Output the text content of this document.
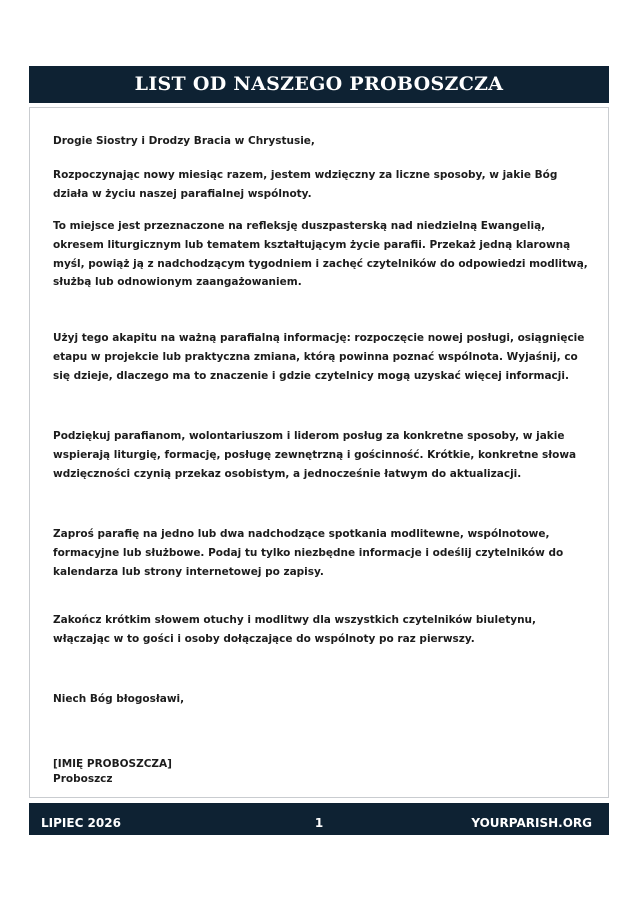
LIST OD NASZEGO PROBOSZCZA

Drogie Siostry i Drodzy Bracia w Chrystusie,

Rozpoczynając nowy miesiąc razem, jestem wdzięczny za liczne sposoby, w jakie Bóg działa w życiu naszej parafialnej wspólnoty.

To miejsce jest przeznaczone na refleksję duszpasterską nad niedzielną Ewangelią, okresem liturgicznym lub tematem kształtującym życie parafii. Przekaż jedną klarowną myśl, powiąż ją z nadchodzącym tygodniem i zachęć czytelników do odpowiedzi modlitwą, służbą lub odnowionym zaangażowaniem.

Użyj tego akapitu na ważną parafialną informację: rozpoczęcie nowej posługi, osiągnięcie etapu w projekcie lub praktyczna zmiana, którą powinna poznać wspólnota. Wyjaśnij, co się dzieje, dlaczego ma to znaczenie i gdzie czytelnicy mogą uzyskać więcej informacji.

Podziękuj parafianom, wolontariuszom i liderom posług za konkretne sposoby, w jakie wspierają liturgię, formację, posługę zewnętrzną i gościnność. Krótkie, konkretne słowa wdzięczności czynią przekaz osobistym, a jednocześnie łatwym do aktualizacji.

Zaproś parafię na jedno lub dwa nadchodzące spotkania modlitewne, wspólnotowe, formacyjne lub służbowe. Podaj tu tylko niezbędne informacje i odeślij czytelników do kalendarza lub strony internetowej po zapisy.

Zakończ krótkim słowem otuchy i modlitwy dla wszystkich czytelników biuletynu, włączając w to gości i osoby dołączające do wspólnoty po raz pierwszy.

Niech Bóg błogosławi,

[IMIĘ PROBOSZCZA]

Proboszcz

LIPIEC 2026	1	YOURPARISH.ORG
